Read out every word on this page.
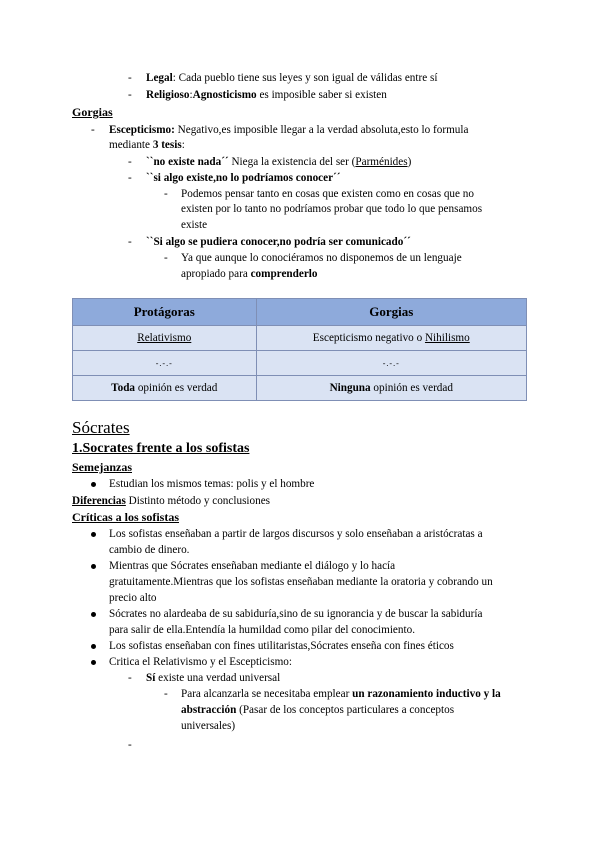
- Legal: Cada pueblo tiene sus leyes y son igual de válidas entre sí
- Religioso:Agnosticismo es imposible saber si existen
Gorgias
- Escepticismo: Negativo,es imposible llegar a la verdad absoluta,esto lo formula
mediante 3 tesis:
- ``no existe nada´´ Niega la existencia del ser (Parménides)
- ``si algo existe,no lo podríamos conocer´´
- Podemos pensar tanto en cosas que existen como en cosas que no
existen por lo tanto no podríamos probar que todo lo que pensamos
existe
- ``Si algo se pudiera conocer,no podría ser comunicado´´
- Ya que aunque lo conociéramos no disponemos de un lenguaje
apropiado para comprenderlo
Protágoras	Gorgias
Relativismo	Escepticismo negativo o Nihilismo
-.-.-	-.-.-
Toda opinión es verdad	Ninguna opinión es verdad
Sócrates
1.Socrates frente a los sofistas
Semejanzas
Estudian los mismos temas: polis y el hombre
Diferencias Distinto método y conclusiones
Críticas a los sofistas
Los sofistas enseñaban a partir de largos discursos y solo enseñaban a aristócratas a
cambio de dinero.
Mientras que Sócrates enseñaban mediante el diálogo y lo hacía
gratuitamente.Mientras que los sofistas enseñaban mediante la oratoria y cobrando un
precio alto
Sócrates no alardeaba de su sabiduría,sino de su ignorancia y de buscar la sabiduría
para salir de ella.Entendía la humildad como pilar del conocimiento.
Los sofistas enseñaban con fines utilitaristas,Sócrates enseña con fines éticos
Critica el Relativismo y el Escepticismo:
- Sí existe una verdad universal
- Para alcanzarla se necesitaba emplear un razonamiento inductivo y la
abstracción (Pasar de los conceptos particulares a conceptos
universales)
-
